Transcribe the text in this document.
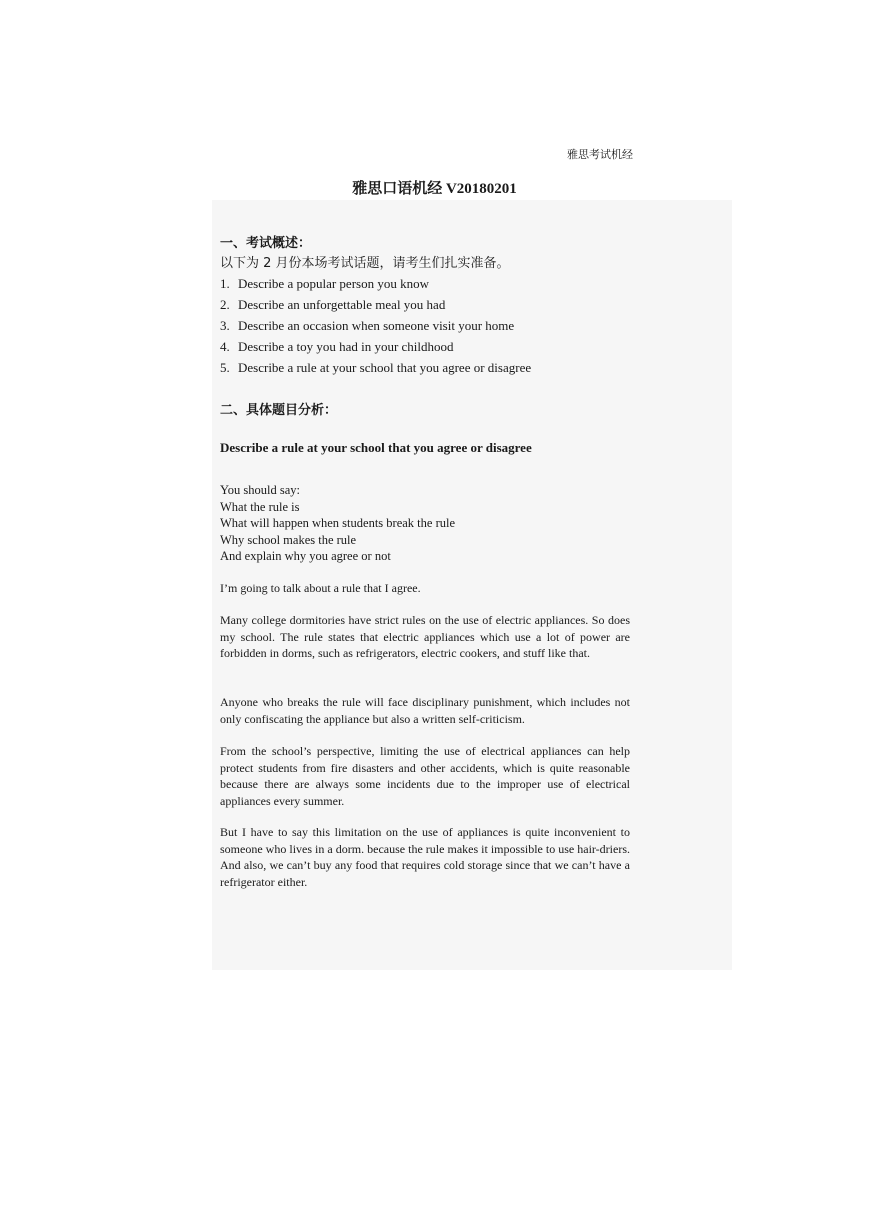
雅思考试机经
雅思口语机经 V20180201
一、考试概述：
以下为 2 月份本场考试话题，请考生们扎实准备。
1. Describe a popular person you know
2. Describe an unforgettable meal you had
3. Describe an occasion when someone visit your home
4. Describe a toy you had in your childhood
5. Describe a rule at your school that you agree or disagree
二、具体题目分析：
Describe a rule at your school that you agree or disagree
You should say:
What the rule is
What will happen when students break the rule
Why school makes the rule
And explain why you agree or not

I’m going to talk about a rule that I agree.

Many college dormitories have strict rules on the use of electric appliances. So does my school. The rule states that electric appliances which use a lot of power are forbidden in dorms, such as refrigerators, electric cookers, and stuff like that.

Anyone who breaks the rule will face disciplinary punishment, which includes not only confiscating the appliance but also a written self-criticism.

From the school’s perspective, limiting the use of electrical appliances can help protect students from fire disasters and other accidents, which is quite reasonable because there are always some incidents due to the improper use of electrical appliances every summer.

But I have to say this limitation on the use of appliances is quite inconvenient to someone who lives in a dorm. because the rule makes it impossible to use hair-driers. And also, we can’t buy any food that requires cold storage since that we can’t have a refrigerator either.
